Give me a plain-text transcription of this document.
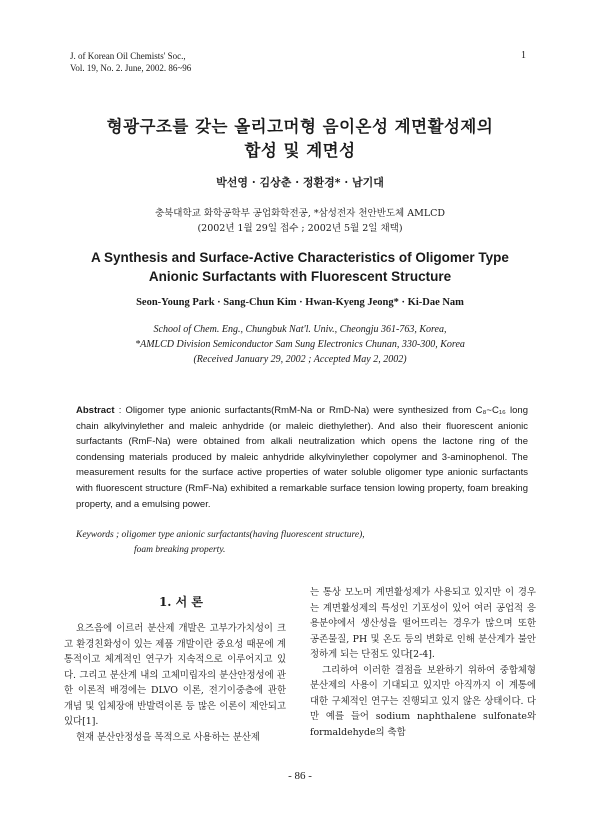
J. of Korean Oil Chemists' Soc.,
Vol. 19, No. 2. June, 2002. 86~96
1
형광구조를 갖는 올리고머형 음이온성 계면활성제의
합성 및 계면성
박선영 · 김상춘 · 정환경* · 남기대
충북대학교 화학공학부 공업화학전공, *삼성전자 천안반도체 AMLCD
(2002년 1월 29일 접수 ; 2002년 5월 2일 채택)
A Synthesis and Surface-Active Characteristics of Oligomer Type
Anionic Surfactants with Fluorescent Structure
Seon-Young Park · Sang-Chun Kim · Hwan-Kyeng Jeong* · Ki-Dae Nam
School of Chem. Eng., Chungbuk Nat'l. Univ., Cheongju 361-763, Korea,
*AMLCD Division Semiconductor Sam Sung Electronics Chunan, 330-300, Korea
(Received January 29, 2002 ; Accepted May 2, 2002)
Abstract : Oligomer type anionic surfactants(RmM-Na or RmD-Na) were synthesized from C₈~C₁₆ long chain alkylvinylether and maleic anhydride (or maleic diethylether). And also their fluorescent anionic surfactants (RmF-Na) were obtained from alkali neutralization which opens the lactone ring of the condensing materials produced by maleic anhydride alkylvinylether copolymer and 3-aminophenol. The measurement results for the surface active properties of water soluble oligomer type anionic surfactants with fluorescent structure (RmF-Na) exhibited a remarkable surface tension lowing property, foam breaking property, and a emulsing power.
Keywords ; oligomer type anionic surfactants(having fluorescent structure),
foam breaking property.
1. 서 론

요즈음에 이르러 분산제 개발은 고부가가치성이 크고 환경친화성이 있는 제품 개발이란 중요성 때문에 계통적이고 체계적인 연구가 지속적으로 이루어지고 있다. 그리고 분산계 내의 고체미립자의 분산안정성에 관한 이론적 배경에는 DLVO 이론, 전기이중층에 관한 개념 및 입체장애 반발력이론 등 많은 이론이 제안되고 있다[1].

현재 분산안정성을 목적으로 사용하는 분산제

는 통상 모노머 계면활성제가 사용되고 있지만 이 경우는 계면활성제의 특성인 기포성이 있어 여러 공업적 응용분야에서 생산성을 떨어뜨리는 경우가 많으며 또한 공존물질, PH 및 온도 등의 변화로 인해 분산계가 불안정하게 되는 단점도 있다[2-4].

그리하여 이러한 결점을 보완하기 위하여 중합체형 분산제의 사용이 기대되고 있지만 아직까지 이 계통에 대한 구체적인 연구는 진행되고 있지 않은 상태이다. 다만 예를 들어 sodium naphthalene sulfonate와 formaldehyde의 축합

- 86 -
